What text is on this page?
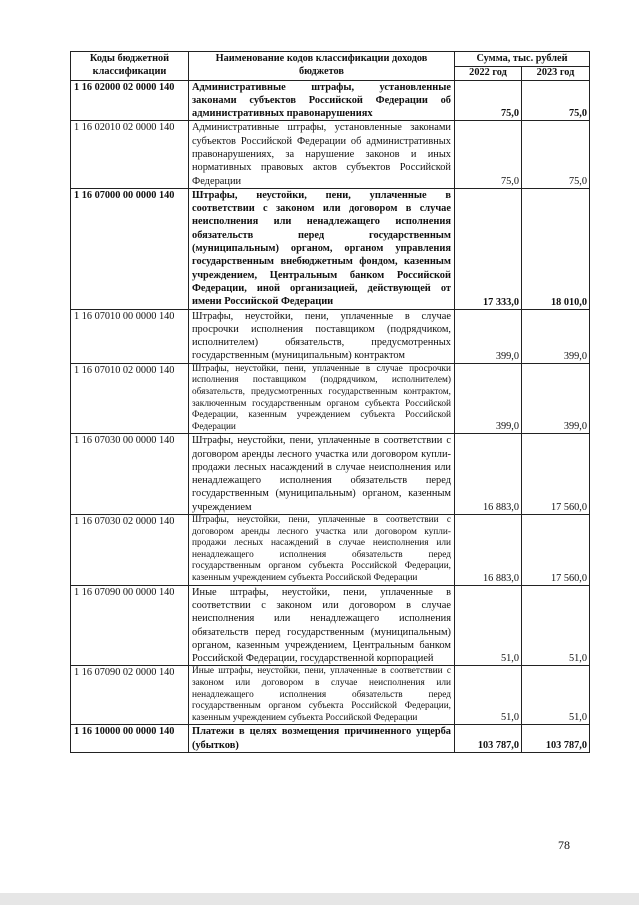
Коды бюджетной классификации	Наименование кодов классификации доходов бюджетов	Сумма, тыс. рублей	
		2022 год	2023 год
1 16 02000 02 0000 140	Административные штрафы, установленные законами субъектов Российской Федерации об административных правонарушениях	75,0	75,0
1 16 02010 02 0000 140	Административные штрафы, установленные законами субъектов Российской Федерации об административных правонарушениях, за нарушение законов и иных нормативных правовых актов субъектов Российской Федерации	75,0	75,0
1 16 07000 00 0000 140	Штрафы, неустойки, пени, уплаченные в соответствии с законом или договором в случае неисполнения или ненадлежащего исполнения обязательств перед государственным (муниципальным) органом, органом управления государственным внебюджетным фондом, казенным учреждением, Центральным банком Российской Федерации, иной организацией, действующей от имени Российской Федерации	17 333,0	18 010,0
1 16 07010 00 0000 140	Штрафы, неустойки, пени, уплаченные в случае просрочки исполнения поставщиком (подрядчиком, исполнителем) обязательств, предусмотренных государственным (муниципальным) контрактом	399,0	399,0
1 16 07010 02 0000 140	Штрафы, неустойки, пени, уплаченные в случае просрочки исполнения поставщиком (подрядчиком, исполнителем) обязательств, предусмотренных государственным контрактом, заключенным государственным органом субъекта Российской Федерации, казенным учреждением субъекта Российской Федерации	399,0	399,0
1 16 07030 00 0000 140	Штрафы, неустойки, пени, уплаченные в соответствии с договором аренды лесного участка или договором купли-продажи лесных насаждений в случае неисполнения или ненадлежащего исполнения обязательств перед государственным (муниципальным) органом, казенным учреждением	16 883,0	17 560,0
1 16 07030 02 0000 140	Штрафы, неустойки, пени, уплаченные в соответствии с договором аренды лесного участка или договором купли-продажи лесных насаждений в случае неисполнения или ненадлежащего исполнения обязательств перед государственным органом субъекта Российской Федерации, казенным учреждением субъекта Российской Федерации	16 883,0	17 560,0
1 16 07090 00 0000 140	Иные штрафы, неустойки, пени, уплаченные в соответствии с законом или договором в случае неисполнения или ненадлежащего исполнения обязательств перед государственным (муниципальным) органом, казенным учреждением, Центральным банком Российской Федерации, государственной корпорацией	51,0	51,0
1 16 07090 02 0000 140	Иные штрафы, неустойки, пени, уплаченные в соответствии с законом или договором в случае неисполнения или ненадлежащего исполнения обязательств перед государственным органом субъекта Российской Федерации, казенным учреждением субъекта Российской Федерации	51,0	51,0
1 16 10000 00 0000 140	Платежи в целях возмещения причиненного ущерба (убытков)	103 787,0	103 787,0
78
